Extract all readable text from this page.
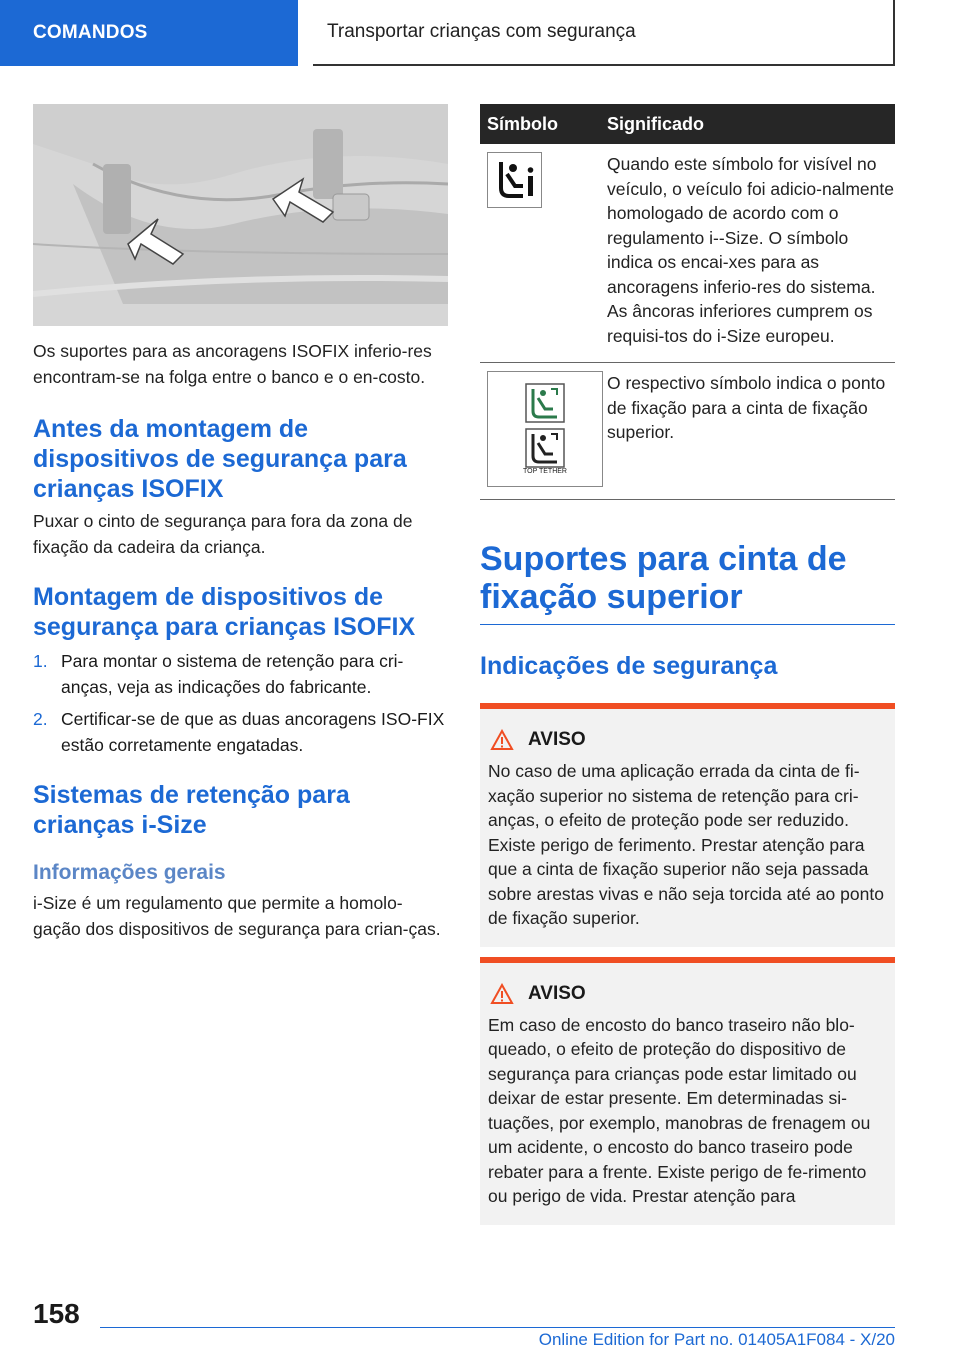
COMANDOS	Transportar crianças com segurança

Os suportes para as ancoragens ISOFIX inferio-res encontram-se na folga entre o banco e o en-costo.

Antes da montagem de dispositivos de segurança para crianças ISOFIX

Puxar o cinto de segurança para fora da zona de fixação da cadeira da criança.

Montagem de dispositivos de segurança para crianças ISOFIX
1. Para montar o sistema de retenção para cri-anças, veja as indicações do fabricante.
2. Certificar-se de que as duas ancoragens ISO-FIX estão corretamente engatadas.
Sistemas de retenção para crianças i-Size
Informações gerais

i-Size é um regulamento que permite a homolo-gação dos dispositivos de segurança para crian-ças.

Símbolo	Significado
Quando este símbolo for visível no veículo, o veículo foi adicio-nalmente homologado de acordo com o regulamento i--Size. O símbolo indica os encai-xes para as ancoragens inferio-res do sistema. As âncoras inferiores cumprem os requisi-tos do i-Size europeu.
TOP TETHER
O respectivo símbolo indica o ponto de fixação para a cinta de fixação superior.
Suportes para cinta de fixação superior
Indicações de segurança
AVISO

No caso de uma aplicação errada da cinta de fi-xação superior no sistema de retenção para cri-anças, o efeito de proteção pode ser reduzido. Existe perigo de ferimento. Prestar atenção para que a cinta de fixação superior não seja passada sobre arestas vivas e não seja torcida até ao ponto de fixação superior.

AVISO

Em caso de encosto do banco traseiro não blo-queado, o efeito de proteção do dispositivo de segurança para crianças pode estar limitado ou deixar de estar presente. Em determinadas si-tuações, por exemplo, manobras de frenagem ou um acidente, o encosto do banco traseiro pode rebater para a frente. Existe perigo de fe-rimento ou perigo de vida. Prestar atenção para

158
Online Edition for Part no. 01405A1F084 - X/20
